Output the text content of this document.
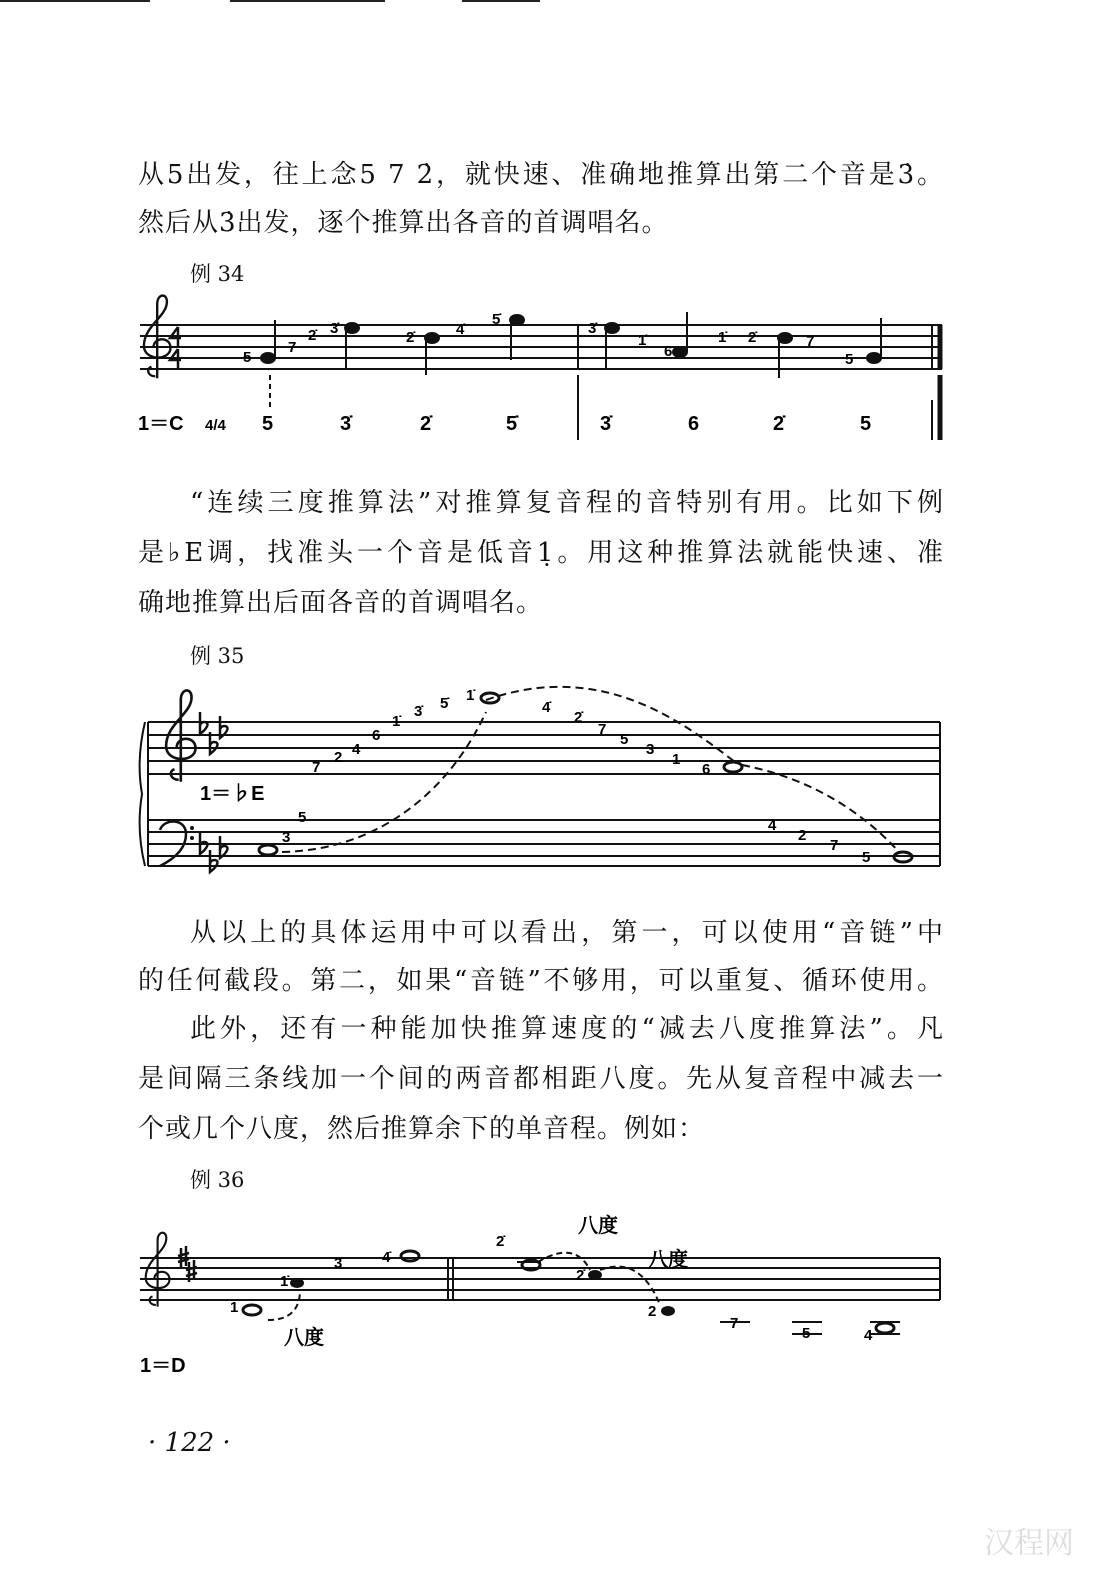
从5出发，往上念5 7 2̇，就快速、准确地推算出第二个音是3̇。
然后从3̇出发，逐个推算出各音的首调唱名。
例 34
5
7
2̇ 3̇
2̇	4̇
5̇
3̇
1̇
6
1̇ 2̇	7
5
1＝C 4/4 5	3̇	2̇	5̇	3̇	6	2̇	5
1＝♭E
7
2 4
6
1̇
3̇ 5̇ 1̇
4̇
2̇
7
5
3
1
6
3
5	4
2
7
5
1
1̇
3̇	4̇
2̇
2̇
2
7
5	4
八度
八度
八度
1＝D
“连续三度推算法”对推算复音程的音特别有用。比如下例
是♭E调，找准头一个音是低音1̣。用这种推算法就能快速、准
确地推算出后面各音的首调唱名。
例 35
从以上的具体运用中可以看出，第一，可以使用“音链”中
的任何截段。第二，如果“音链”不够用，可以重复、循环使用。
此外，还有一种能加快推算速度的“减去八度推算法”。凡
是间隔三条线加一个间的两音都相距八度。先从复音程中减去一
个或几个八度，然后推算余下的单音程。例如：
例 36
· 122 ·
汉程网
